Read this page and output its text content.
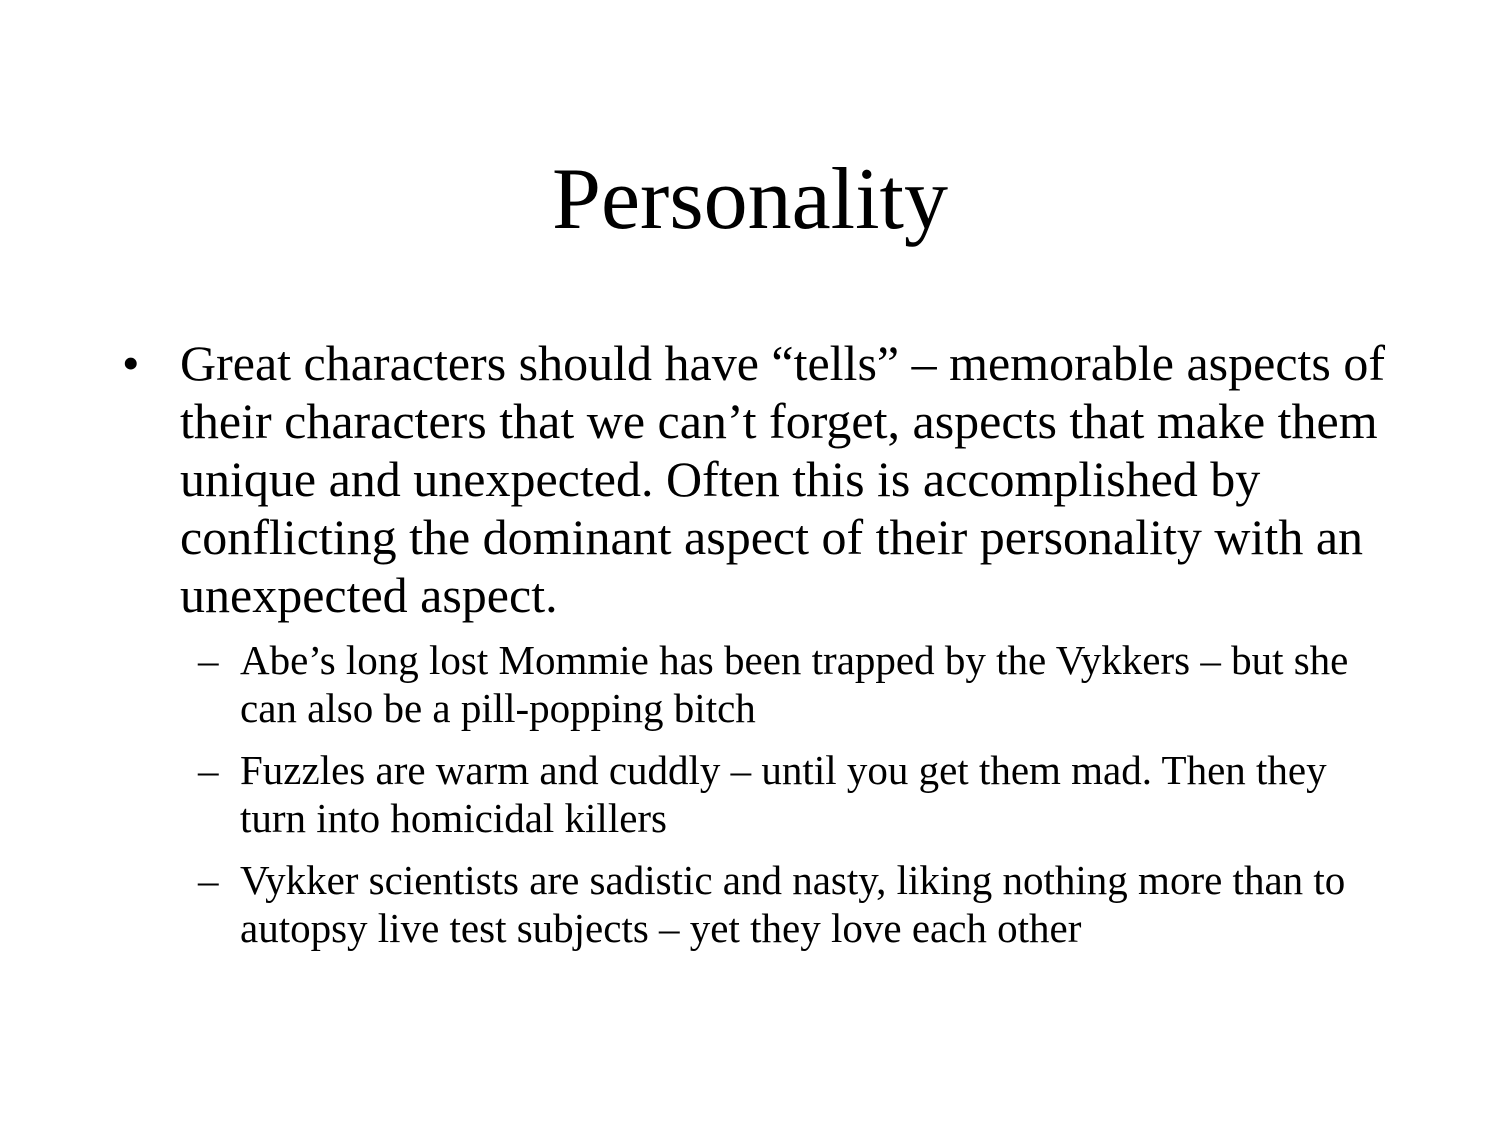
Personality
• Great characters should have “tells” – memorable aspects of their characters that we can’t forget, aspects that make them unique and unexpected. Often this is accomplished by conflicting the dominant aspect of their personality with an unexpected aspect.
– Abe’s long lost Mommie has been trapped by the Vykkers – but she can also be a pill-popping bitch
– Fuzzles are warm and cuddly – until you get them mad. Then they turn into homicidal killers
– Vykker scientists are sadistic and nasty, liking nothing more than to autopsy live test subjects – yet they love each other
